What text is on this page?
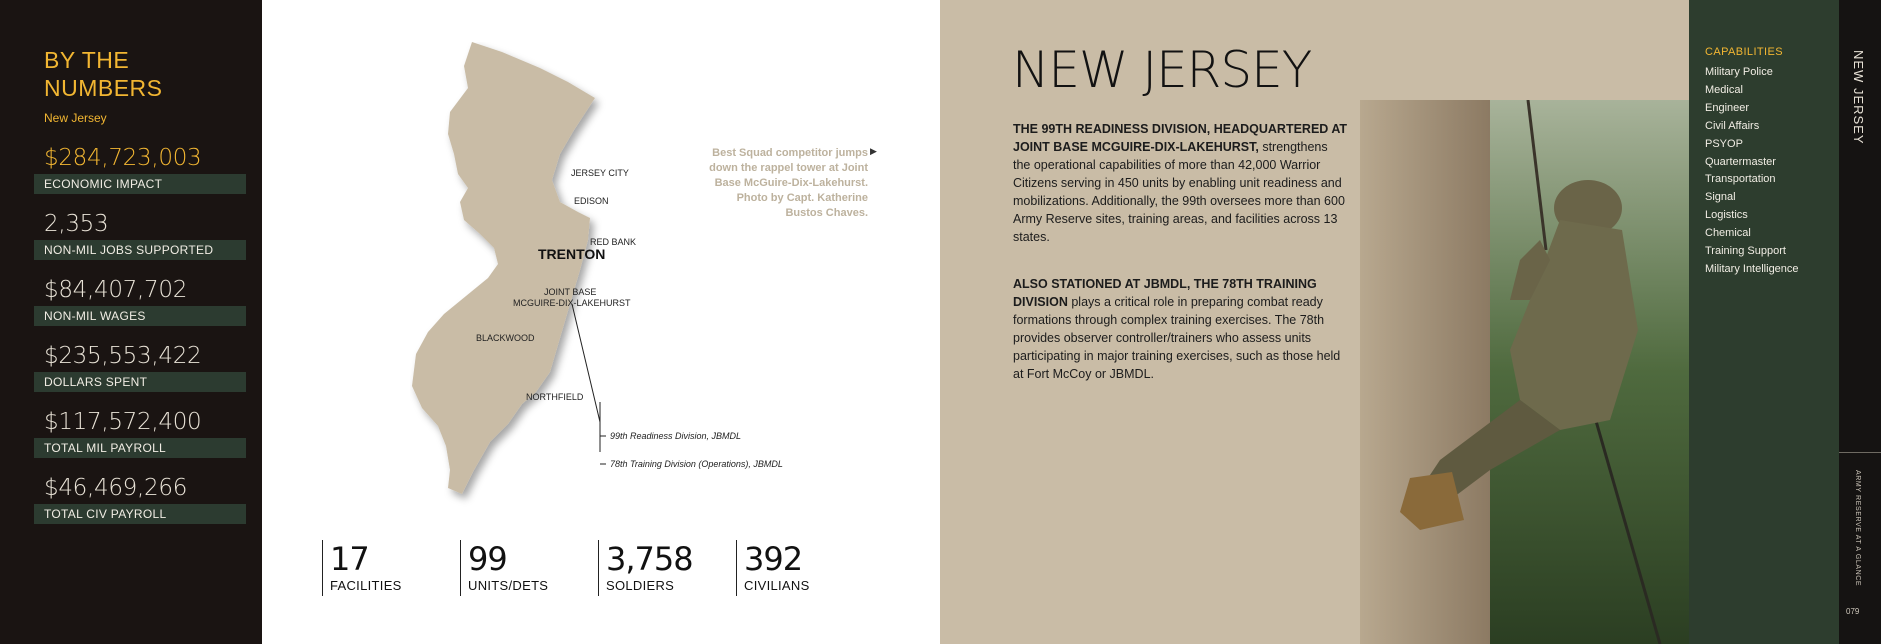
BY THE NUMBERS
New Jersey
$284,723,003
ECONOMIC IMPACT
2,353
NON-MIL JOBS SUPPORTED
$84,407,702
NON-MIL WAGES
$235,553,422
DOLLARS SPENT
$117,572,400
TOTAL MIL PAYROLL
$46,469,266
TOTAL CIV PAYROLL
JERSEY CITY
EDISON
RED BANK
TRENTON
JOINT BASE
MCGUIRE-DIX-LAKEHURST
BLACKWOOD
NORTHFIELD
99th Readiness Division, JBMDL
78th Training Division (Operations), JBMDL
Best Squad competitor jumps down the rappel tower at Joint Base McGuire-Dix-Lakehurst. Photo by Capt. Katherine Bustos Chaves.
▶
17
FACILITIES
99
UNITS/DETS
3,758
SOLDIERS
392
CIVILIANS
NEW JERSEY
THE 99TH READINESS DIVISION, HEADQUARTERED AT JOINT BASE MCGUIRE-DIX-LAKEHURST, strengthens the operational capabilities of more than 42,000 Warrior Citizens serving in 450 units by enabling unit readiness and mobilizations. Additionally, the 99th oversees more than 600 Army Reserve sites, training areas, and facilities across 13 states.
ALSO STATIONED AT JBMDL, THE 78TH TRAINING DIVISION plays a critical role in preparing combat ready formations through complex training exercises. The 78th provides observer controller/trainers who assess units participating in major training exercises, such as those held at Fort McCoy or JBMDL.
CAPABILITIES
Military Police
Medical
Engineer
Civil Affairs
PSYOP
Quartermaster
Transportation
Signal
Logistics
Chemical
Training Support
Military Intelligence
NEW JERSEY
ARMY RESERVE AT A GLANCE
079
